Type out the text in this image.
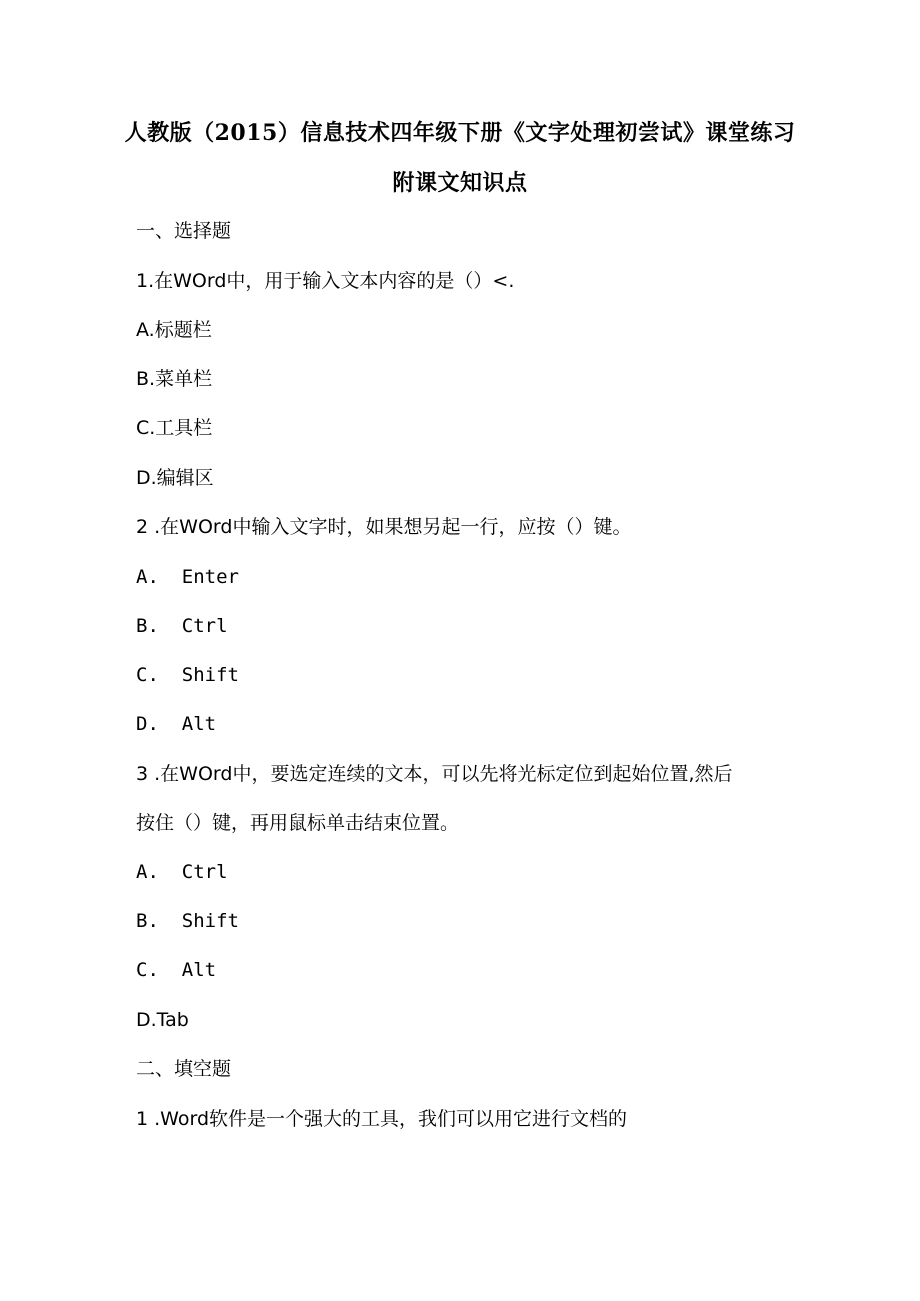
人教版（2015）信息技术四年级下册《文字处理初尝试》课堂练习
附课文知识点
一、选择题
1.在WOrd中，用于输入文本内容的是（）<.
A.标题栏
B.菜单栏
C.工具栏
D.编辑区
2 .在WOrd中输入文字时，如果想另起一行，应按（）键。
A.  Enter
B.  Ctrl
C.  Shift
D.  Alt
3 .在WOrd中，要选定连续的文本，可以先将光标定位到起始位置,然后
按住（）键，再用鼠标单击结束位置。
A.  Ctrl
B.  Shift
C.  Alt
D.Tab
二、填空题
1 .Word软件是一个强大的工具，我们可以用它进行文档的
